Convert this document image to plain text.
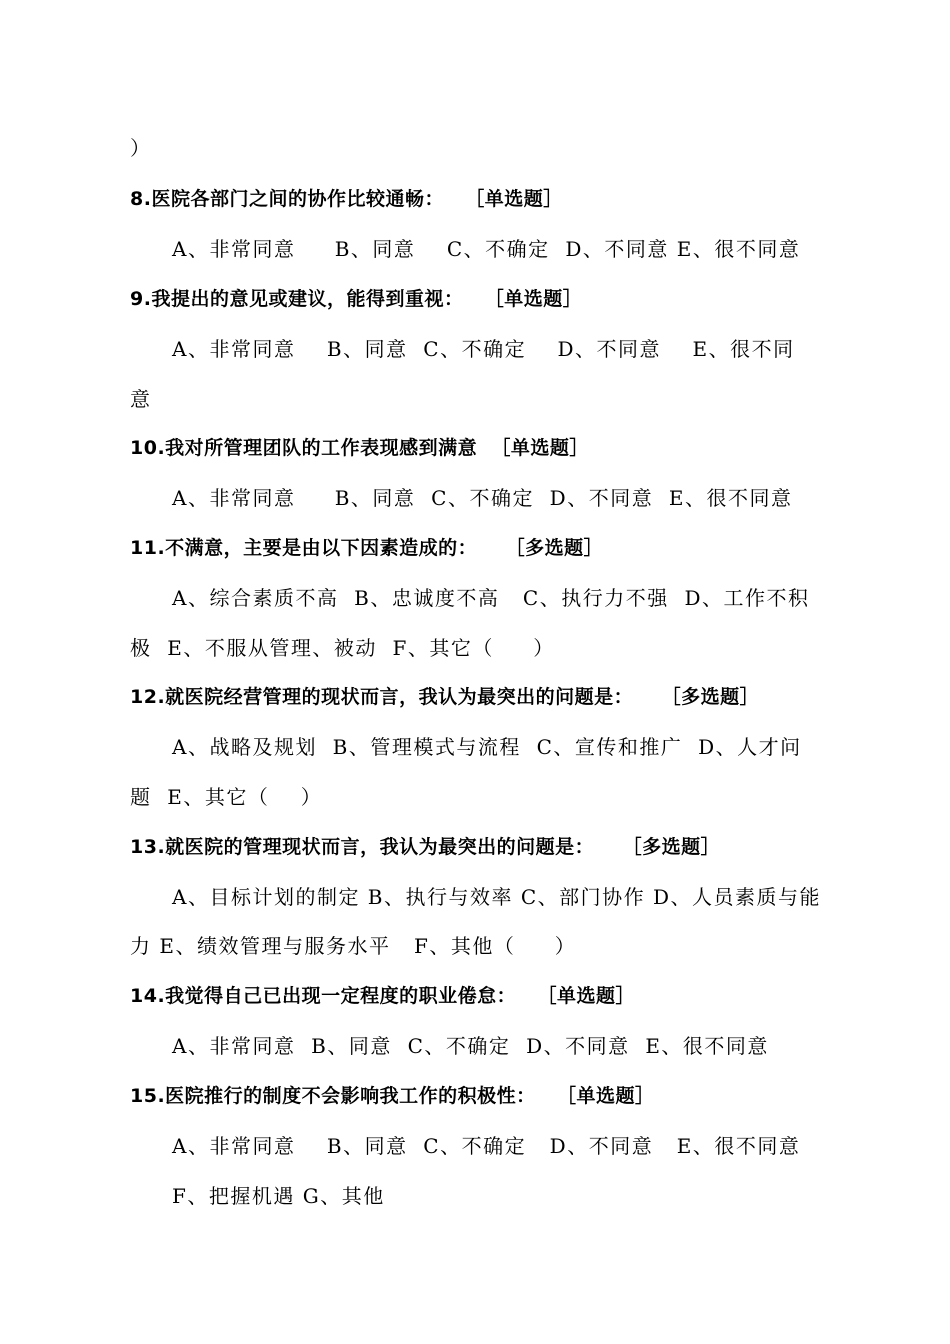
）
8.医院各部门之间的协作比较通畅：   ［单选题］
A、非常同意     B、同意    C、不确定  D、不同意 E、很不同意
9.我提出的意见或建议，能得到重视：   ［单选题］
A、非常同意    B、同意  C、不确定    D、不同意    E、很不同
意
10.我对所管理团队的工作表现感到满意  ［单选题］
A、非常同意     B、同意  C、不确定  D、不同意  E、很不同意
11.不满意，主要是由以下因素造成的：    ［多选题］
A、综合素质不高  B、忠诚度不高   C、执行力不强  D、工作不积
极  E、不服从管理、被动  F、其它（     ）
12.就医院经营管理的现状而言，我认为最突出的问题是：    ［多选题］
A、战略及规划  B、管理模式与流程  C、宣传和推广  D、人才问
题  E、其它（    ）
13.就医院的管理现状而言，我认为最突出的问题是：    ［多选题］
A、目标计划的制定 B、执行与效率 C、部门协作 D、人员素质与能
力 E、绩效管理与服务水平   F、其他（     ）
14.我觉得自己已出现一定程度的职业倦怠：   ［单选题］
A、非常同意  B、同意  C、不确定  D、不同意  E、很不同意
15.医院推行的制度不会影响我工作的积极性：   ［单选题］
A、非常同意    B、同意  C、不确定   D、不同意   E、很不同意
F、把握机遇 G、其他
